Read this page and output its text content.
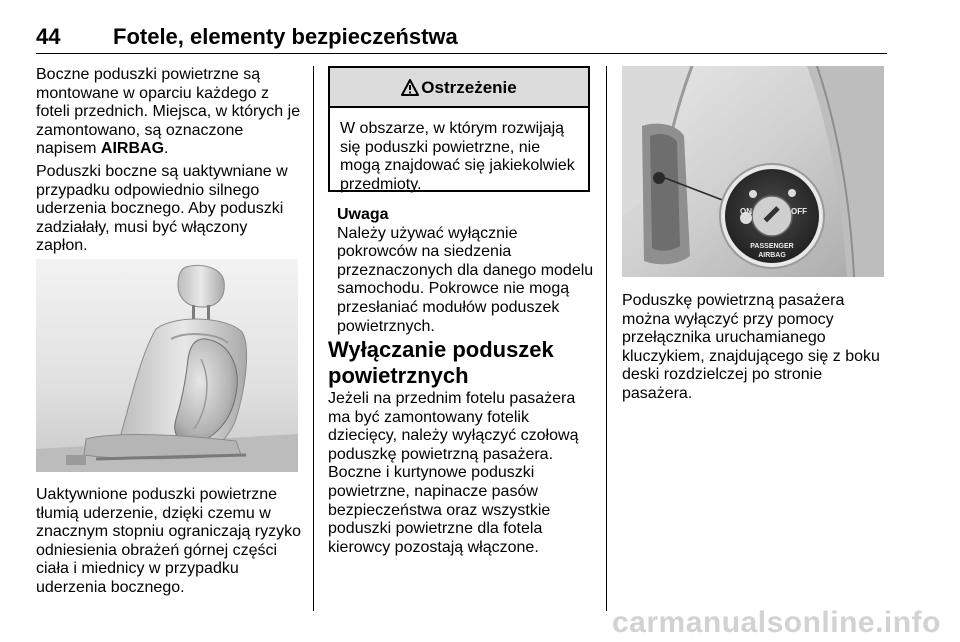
44 Fotele, elementy bezpieczeństwa

Boczne poduszki powietrzne są montowane w oparciu każdego z foteli przednich. Miejsca, w których je zamontowano, są oznaczone napisem AIRBAG.

Poduszki boczne są uaktywniane w przypadku odpowiednio silnego uderzenia bocznego. Aby poduszki zadziałały, musi być włączony zapłon.

Uaktywnione poduszki powietrzne tłumią uderzenie, dzięki czemu w znacznym stopniu ograniczają ryzyko odniesienia obrażeń górnej części ciała i miednicy w przypadku uderzenia bocznego.

Ostrzeżenie
W obszarze, w którym rozwijają się poduszki powietrzne, nie mogą znajdować się jakiekolwiek przedmioty.

Uwaga

Należy używać wyłącznie pokrowców na siedzenia przeznaczonych dla danego modelu samochodu. Pokrowce nie mogą przesłaniać modułów poduszek powietrznych.

Wyłączanie poduszek powietrznych

Jeżeli na przednim fotelu pasażera ma być zamontowany fotelik dziecięcy, należy wyłączyć czołową poduszkę powietrzną pasażera. Boczne i kurtynowe poduszki powietrzne, napinacze pasów bezpieczeństwa oraz wszystkie poduszki powietrzne dla fotela kierowcy pozostają włączone.

ON	OFF
PASSENGER
AIRBAG

Poduszkę powietrzną pasażera można wyłączyć przy pomocy przełącznika uruchamianego kluczykiem, znajdującego się z boku deski rozdzielczej po stronie pasażera.

carmanualsonline.info
